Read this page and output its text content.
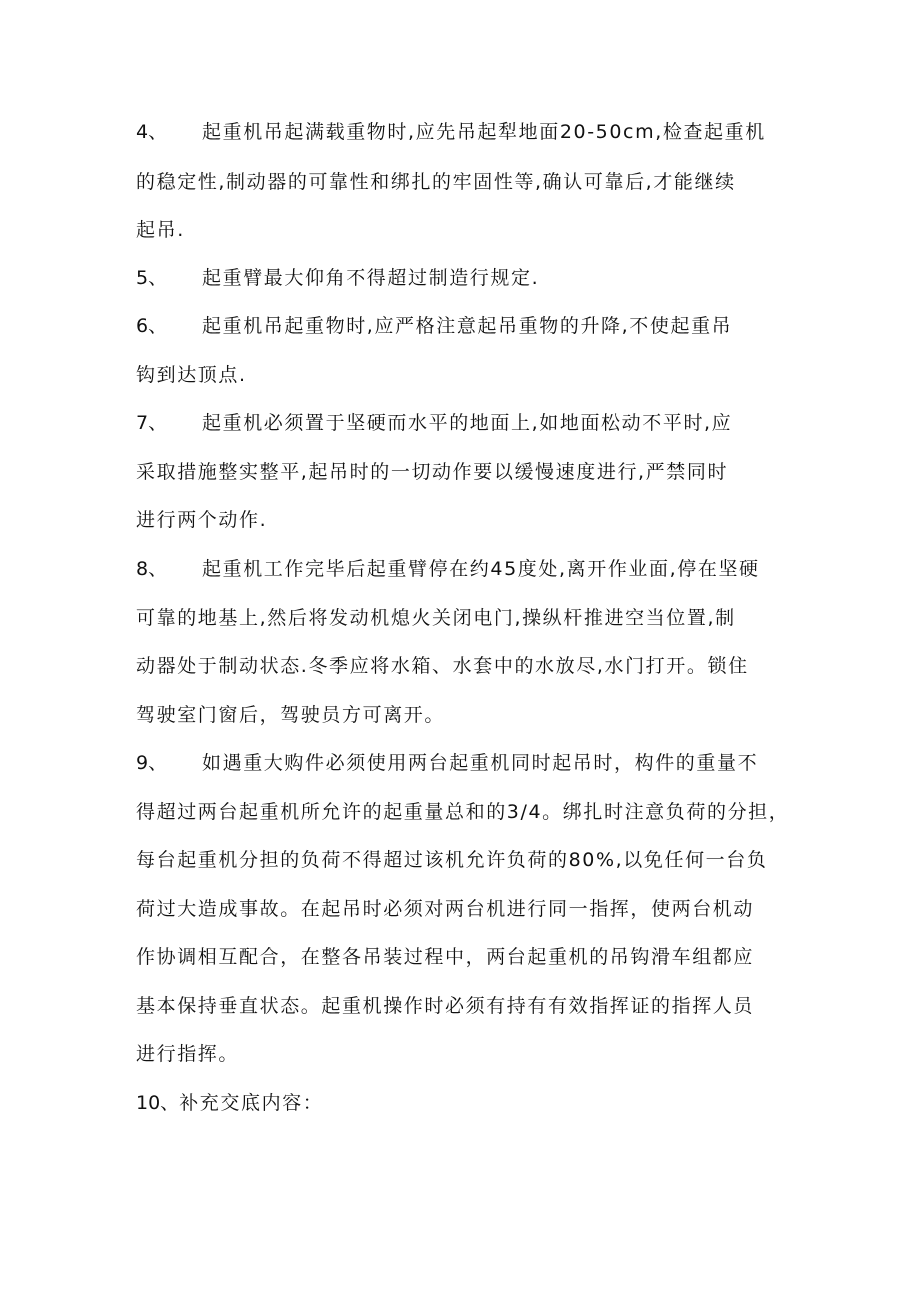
4、 起重机吊起满载重物时,应先吊起犁地面20-50cm,检查起重机
的稳定性,制动器的可靠性和绑扎的牢固性等,确认可靠后,才能继续
起吊.
5、 起重臂最大仰角不得超过制造行规定.
6、 起重机吊起重物时,应严格注意起吊重物的升降,不使起重吊
钩到达顶点.
7、 起重机必须置于坚硬而水平的地面上,如地面松动不平时,应
采取措施整实整平,起吊时的一切动作要以缓慢速度进行,严禁同时
进行两个动作.
8、 起重机工作完毕后起重臂停在约45度处,离开作业面,停在坚硬
可靠的地基上,然后将发动机熄火关闭电门,操纵杆推进空当位置,制
动器处于制动状态.冬季应将水箱、水套中的水放尽,水门打开。锁住
驾驶室门窗后，驾驶员方可离开。
9、 如遇重大购件必须使用两台起重机同时起吊时，构件的重量不
得超过两台起重机所允许的起重量总和的3/4。绑扎时注意负荷的分担，
每台起重机分担的负荷不得超过该机允许负荷的80%,以免任何一台负
荷过大造成事故。在起吊时必须对两台机进行同一指挥，使两台机动
作协调相互配合，在整各吊装过程中，两台起重机的吊钩滑车组都应
基本保持垂直状态。起重机操作时必须有持有有效指挥证的指挥人员
进行指挥。
10、补充交底内容：
